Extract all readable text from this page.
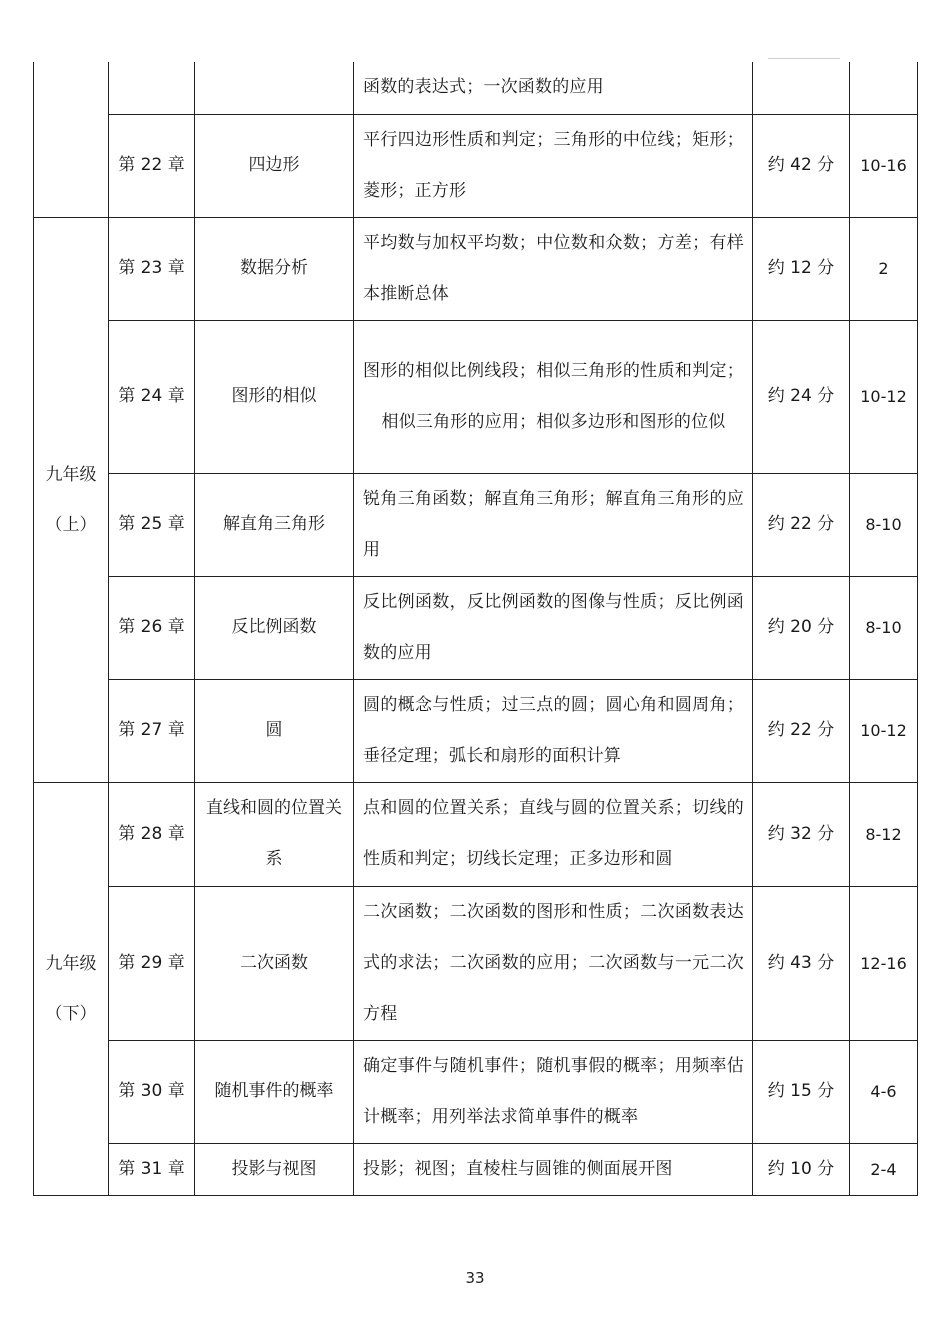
			函数的表达式；一次函数的应用		
	第 22 章	四边形	平行四边形性质和判定；三角形的中位线；矩形；菱形；正方形	约 42 分	10-16
九年级（上）	第 23 章	数据分析	平均数与加权平均数；中位数和众数；方差；有样本推断总体	约 12 分	2
	第 24 章	图形的相似	图形的相似比例线段；相似三角形的性质和判定；相似三角形的应用；相似多边形和图形的位似	约 24 分	10-12
	第 25 章	解直角三角形	锐角三角函数；解直角三角形；解直角三角形的应用	约 22 分	8-10
	第 26 章	反比例函数	反比例函数，反比例函数的图像与性质；反比例函数的应用	约 20 分	8-10
	第 27 章	圆	圆的概念与性质；过三点的圆；圆心角和圆周角；垂径定理；弧长和扇形的面积计算	约 22 分	10-12
九年级（下）	第 28 章	直线和圆的位置关系	点和圆的位置关系；直线与圆的位置关系；切线的性质和判定；切线长定理；正多边形和圆	约 32 分	8-12
	第 29 章	二次函数	二次函数；二次函数的图形和性质；二次函数表达式的求法；二次函数的应用；二次函数与一元二次方程	约 43 分	12-16
	第 30 章	随机事件的概率	确定事件与随机事件；随机事假的概率；用频率估计概率；用列举法求简单事件的概率	约 15 分	4-6
	第 31 章	投影与视图	投影；视图；直棱柱与圆锥的侧面展开图	约 10 分	2-4
33
